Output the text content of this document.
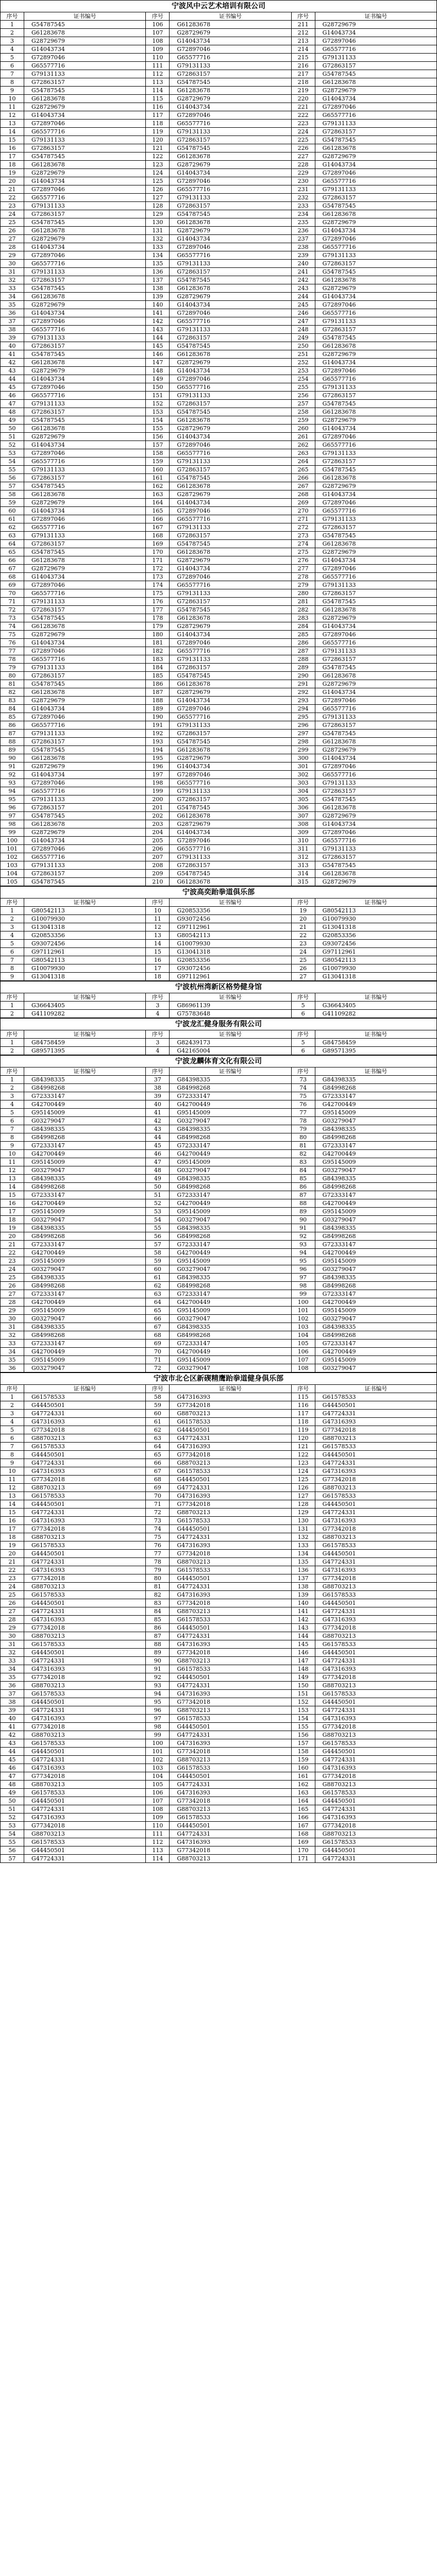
宁波风中云艺术培训有限公司
序号	证书编号	序号	证书编号	序号	证书编号
1	G54787545	106	G61283678	211	G28729679
2	G61283678	107	G28729679	212	G14043734
3	G28729679	108	G14043734	213	G72897046
4	G14043734	109	G72897046	214	G65577716
5	G72897046	110	G65577716	215	G79131133
6	G65577716	111	G79131133	216	G72863157
7	G79131133	112	G72863157	217	G54787545
8	G72863157	113	G54787545	218	G61283678
9	G54787545	114	G61283678	219	G28729679
10	G61283678	115	G28729679	220	G14043734
11	G28729679	116	G14043734	221	G72897046
12	G14043734	117	G72897046	222	G65577716
13	G72897046	118	G65577716	223	G79131133
14	G65577716	119	G79131133	224	G72863157
15	G79131133	120	G72863157	225	G54787545
16	G72863157	121	G54787545	226	G61283678
17	G54787545	122	G61283678	227	G28729679
18	G61283678	123	G28729679	228	G14043734
19	G28729679	124	G14043734	229	G72897046
20	G14043734	125	G72897046	230	G65577716
21	G72897046	126	G65577716	231	G79131133
22	G65577716	127	G79131133	232	G72863157
23	G79131133	128	G72863157	233	G54787545
24	G72863157	129	G54787545	234	G61283678
25	G54787545	130	G61283678	235	G28729679
26	G61283678	131	G28729679	236	G14043734
27	G28729679	132	G14043734	237	G72897046
28	G14043734	133	G72897046	238	G65577716
29	G72897046	134	G65577716	239	G79131133
30	G65577716	135	G79131133	240	G72863157
31	G79131133	136	G72863157	241	G54787545
32	G72863157	137	G54787545	242	G61283678
33	G54787545	138	G61283678	243	G28729679
34	G61283678	139	G28729679	244	G14043734
35	G28729679	140	G14043734	245	G72897046
36	G14043734	141	G72897046	246	G65577716
37	G72897046	142	G65577716	247	G79131133
38	G65577716	143	G79131133	248	G72863157
39	G79131133	144	G72863157	249	G54787545
40	G72863157	145	G54787545	250	G61283678
41	G54787545	146	G61283678	251	G28729679
42	G61283678	147	G28729679	252	G14043734
43	G28729679	148	G14043734	253	G72897046
44	G14043734	149	G72897046	254	G65577716
45	G72897046	150	G65577716	255	G79131133
46	G65577716	151	G79131133	256	G72863157
47	G79131133	152	G72863157	257	G54787545
48	G72863157	153	G54787545	258	G61283678
49	G54787545	154	G61283678	259	G28729679
50	G61283678	155	G28729679	260	G14043734
51	G28729679	156	G14043734	261	G72897046
52	G14043734	157	G72897046	262	G65577716
53	G72897046	158	G65577716	263	G79131133
54	G65577716	159	G79131133	264	G72863157
55	G79131133	160	G72863157	265	G54787545
56	G72863157	161	G54787545	266	G61283678
57	G54787545	162	G61283678	267	G28729679
58	G61283678	163	G28729679	268	G14043734
59	G28729679	164	G14043734	269	G72897046
60	G14043734	165	G72897046	270	G65577716
61	G72897046	166	G65577716	271	G79131133
62	G65577716	167	G79131133	272	G72863157
63	G79131133	168	G72863157	273	G54787545
64	G72863157	169	G54787545	274	G61283678
65	G54787545	170	G61283678	275	G28729679
66	G61283678	171	G28729679	276	G14043734
67	G28729679	172	G14043734	277	G72897046
68	G14043734	173	G72897046	278	G65577716
69	G72897046	174	G65577716	279	G79131133
70	G65577716	175	G79131133	280	G72863157
71	G79131133	176	G72863157	281	G54787545
72	G72863157	177	G54787545	282	G61283678
73	G54787545	178	G61283678	283	G28729679
74	G61283678	179	G28729679	284	G14043734
75	G28729679	180	G14043734	285	G72897046
76	G14043734	181	G72897046	286	G65577716
77	G72897046	182	G65577716	287	G79131133
78	G65577716	183	G79131133	288	G72863157
79	G79131133	184	G72863157	289	G54787545
80	G72863157	185	G54787545	290	G61283678
81	G54787545	186	G61283678	291	G28729679
82	G61283678	187	G28729679	292	G14043734
83	G28729679	188	G14043734	293	G72897046
84	G14043734	189	G72897046	294	G65577716
85	G72897046	190	G65577716	295	G79131133
86	G65577716	191	G79131133	296	G72863157
87	G79131133	192	G72863157	297	G54787545
88	G72863157	193	G54787545	298	G61283678
89	G54787545	194	G61283678	299	G28729679
90	G61283678	195	G28729679	300	G14043734
91	G28729679	196	G14043734	301	G72897046
92	G14043734	197	G72897046	302	G65577716
93	G72897046	198	G65577716	303	G79131133
94	G65577716	199	G79131133	304	G72863157
95	G79131133	200	G72863157	305	G54787545
96	G72863157	201	G54787545	306	G61283678
97	G54787545	202	G61283678	307	G28729679
98	G61283678	203	G28729679	308	G14043734
99	G28729679	204	G14043734	309	G72897046
100	G14043734	205	G72897046	310	G65577716
101	G72897046	206	G65577716	311	G79131133
102	G65577716	207	G79131133	312	G72863157
103	G79131133	208	G72863157	313	G54787545
104	G72863157	209	G54787545	314	G61283678
105	G54787545	210	G61283678	315	G28729679
宁波高奕跆拳道俱乐部
序号	证书编号	序号	证书编号	序号	证书编号
1	G80542113	10	G20853356	19	G80542113
2	G10079930	11	G93072456	20	G10079930
3	G13041318	12	G97112961	21	G13041318
4	G20853356	13	G80542113	22	G20853356
5	G93072456	14	G10079930	23	G93072456
6	G97112961	15	G13041318	24	G97112961
7	G80542113	16	G20853356	25	G80542113
8	G10079930	17	G93072456	26	G10079930
9	G13041318	18	G97112961	27	G13041318
宁波杭州湾新区格势健身馆
序号	证书编号	序号	证书编号	序号	证书编号
1	G36643405	3	G86961139	5	G36643405
2	G41109282	4	G75783648	6	G41109282
宁波龙汇健身服务有限公司
序号	证书编号	序号	证书编号	序号	证书编号
1	G84758459	3	G82439173	5	G84758459
2	G89571395	4	G42165004	6	G89571395
宁波龙麟体育文化有限公司
序号	证书编号	序号	证书编号	序号	证书编号
1	G84398335	37	G84398335	73	G84398335
2	G84998268	38	G84998268	74	G84998268
3	G72333147	39	G72333147	75	G72333147
4	G42700449	40	G42700449	76	G42700449
5	G95145009	41	G95145009	77	G95145009
6	G03279047	42	G03279047	78	G03279047
7	G84398335	43	G84398335	79	G84398335
8	G84998268	44	G84998268	80	G84998268
9	G72333147	45	G72333147	81	G72333147
10	G42700449	46	G42700449	82	G42700449
11	G95145009	47	G95145009	83	G95145009
12	G03279047	48	G03279047	84	G03279047
13	G84398335	49	G84398335	85	G84398335
14	G84998268	50	G84998268	86	G84998268
15	G72333147	51	G72333147	87	G72333147
16	G42700449	52	G42700449	88	G42700449
17	G95145009	53	G95145009	89	G95145009
18	G03279047	54	G03279047	90	G03279047
19	G84398335	55	G84398335	91	G84398335
20	G84998268	56	G84998268	92	G84998268
21	G72333147	57	G72333147	93	G72333147
22	G42700449	58	G42700449	94	G42700449
23	G95145009	59	G95145009	95	G95145009
24	G03279047	60	G03279047	96	G03279047
25	G84398335	61	G84398335	97	G84398335
26	G84998268	62	G84998268	98	G84998268
27	G72333147	63	G72333147	99	G72333147
28	G42700449	64	G42700449	100	G42700449
29	G95145009	65	G95145009	101	G95145009
30	G03279047	66	G03279047	102	G03279047
31	G84398335	67	G84398335	103	G84398335
32	G84998268	68	G84998268	104	G84998268
33	G72333147	69	G72333147	105	G72333147
34	G42700449	70	G42700449	106	G42700449
35	G95145009	71	G95145009	107	G95145009
36	G03279047	72	G03279047	108	G03279047
宁波市北仑区新碶精鹰跆拳道健身俱乐部
序号	证书编号	序号	证书编号	序号	证书编号
1	G61578533	58	G47316393	115	G61578533
2	G44450501	59	G77342018	116	G44450501
3	G47724331	60	G88703213	117	G47724331
4	G47316393	61	G61578533	118	G47316393
5	G77342018	62	G44450501	119	G77342018
6	G88703213	63	G47724331	120	G88703213
7	G61578533	64	G47316393	121	G61578533
8	G44450501	65	G77342018	122	G44450501
9	G47724331	66	G88703213	123	G47724331
10	G47316393	67	G61578533	124	G47316393
11	G77342018	68	G44450501	125	G77342018
12	G88703213	69	G47724331	126	G88703213
13	G61578533	70	G47316393	127	G61578533
14	G44450501	71	G77342018	128	G44450501
15	G47724331	72	G88703213	129	G47724331
16	G47316393	73	G61578533	130	G47316393
17	G77342018	74	G44450501	131	G77342018
18	G88703213	75	G47724331	132	G88703213
19	G61578533	76	G47316393	133	G61578533
20	G44450501	77	G77342018	134	G44450501
21	G47724331	78	G88703213	135	G47724331
22	G47316393	79	G61578533	136	G47316393
23	G77342018	80	G44450501	137	G77342018
24	G88703213	81	G47724331	138	G88703213
25	G61578533	82	G47316393	139	G61578533
26	G44450501	83	G77342018	140	G44450501
27	G47724331	84	G88703213	141	G47724331
28	G47316393	85	G61578533	142	G47316393
29	G77342018	86	G44450501	143	G77342018
30	G88703213	87	G47724331	144	G88703213
31	G61578533	88	G47316393	145	G61578533
32	G44450501	89	G77342018	146	G44450501
33	G47724331	90	G88703213	147	G47724331
34	G47316393	91	G61578533	148	G47316393
35	G77342018	92	G44450501	149	G77342018
36	G88703213	93	G47724331	150	G88703213
37	G61578533	94	G47316393	151	G61578533
38	G44450501	95	G77342018	152	G44450501
39	G47724331	96	G88703213	153	G47724331
40	G47316393	97	G61578533	154	G47316393
41	G77342018	98	G44450501	155	G77342018
42	G88703213	99	G47724331	156	G88703213
43	G61578533	100	G47316393	157	G61578533
44	G44450501	101	G77342018	158	G44450501
45	G47724331	102	G88703213	159	G47724331
46	G47316393	103	G61578533	160	G47316393
47	G77342018	104	G44450501	161	G77342018
48	G88703213	105	G47724331	162	G88703213
49	G61578533	106	G47316393	163	G61578533
50	G44450501	107	G77342018	164	G44450501
51	G47724331	108	G88703213	165	G47724331
52	G47316393	109	G61578533	166	G47316393
53	G77342018	110	G44450501	167	G77342018
54	G88703213	111	G47724331	168	G88703213
55	G61578533	112	G47316393	169	G61578533
56	G44450501	113	G77342018	170	G44450501
57	G47724331	114	G88703213	171	G47724331
